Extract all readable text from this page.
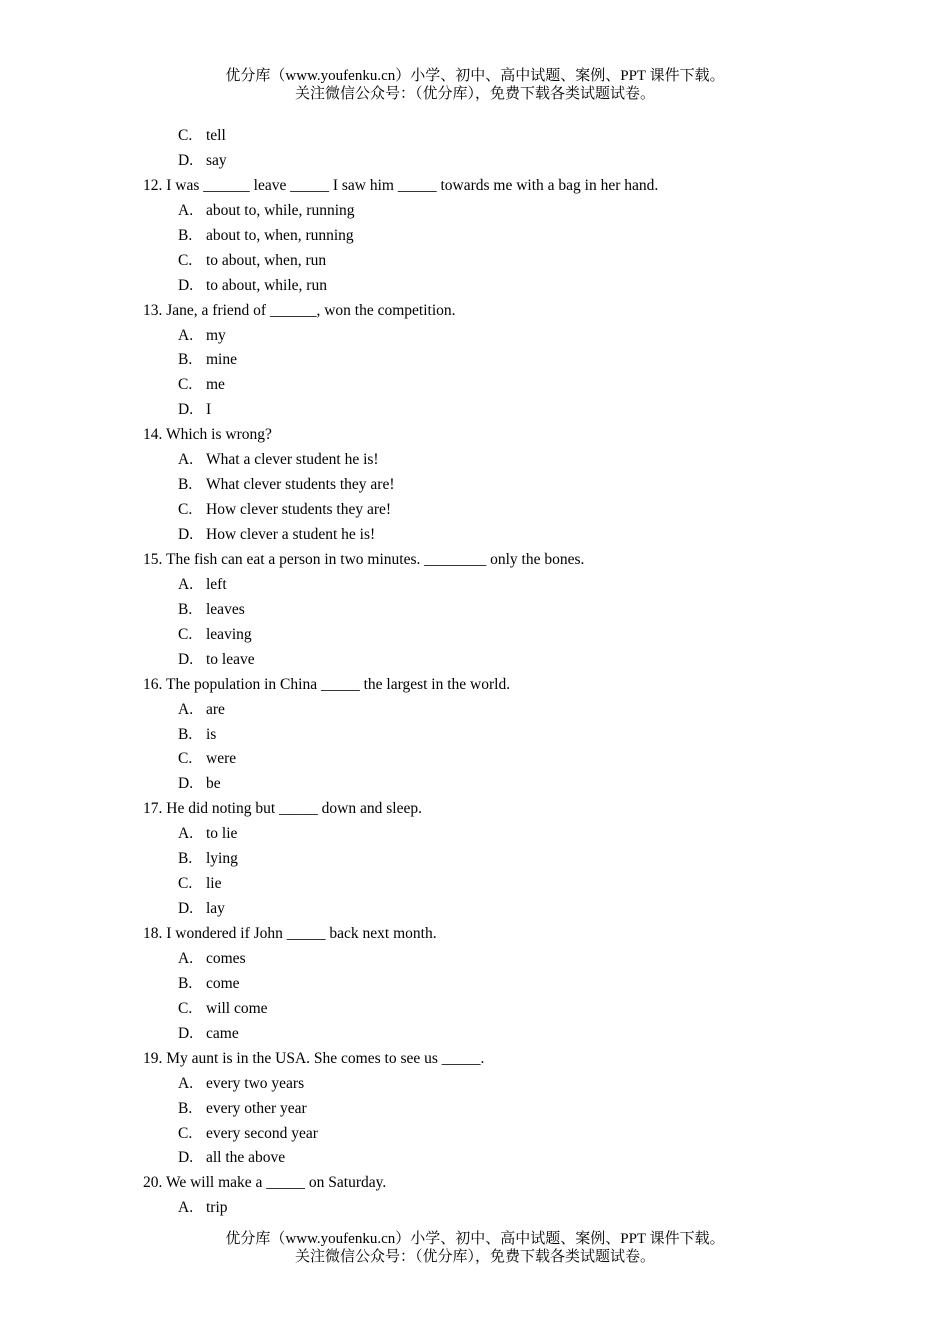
优分库（www.youfenku.cn）小学、初中、高中试题、案例、PPT 课件下载。
关注微信公众号：（优分库），免费下载各类试题试卷。
C. tell
D. say
12. I was ______ leave _____ I saw him _____ towards me with a bag in her hand.
A. about to, while, running
B. about to, when, running
C. to about, when, run
D. to about, while, run
13. Jane, a friend of ______, won the competition.
A. my
B. mine
C. me
D. I
14. Which is wrong?
A. What a clever student he is!
B. What clever students they are!
C. How clever students they are!
D. How clever a student he is!
15. The fish can eat a person in two minutes. ________ only the bones.
A. left
B. leaves
C. leaving
D. to leave
16. The population in China _____ the largest in the world.
A. are
B. is
C. were
D. be
17. He did noting but _____ down and sleep.
A. to lie
B. lying
C. lie
D. lay
18. I wondered if John _____ back next month.
A. comes
B. come
C. will come
D. came
19. My aunt is in the USA. She comes to see us _____.
A. every two years
B. every other year
C. every second year
D. all the above
20. We will make a _____ on Saturday.
A. trip
优分库（www.youfenku.cn）小学、初中、高中试题、案例、PPT 课件下载。
关注微信公众号：（优分库），免费下载各类试题试卷。
